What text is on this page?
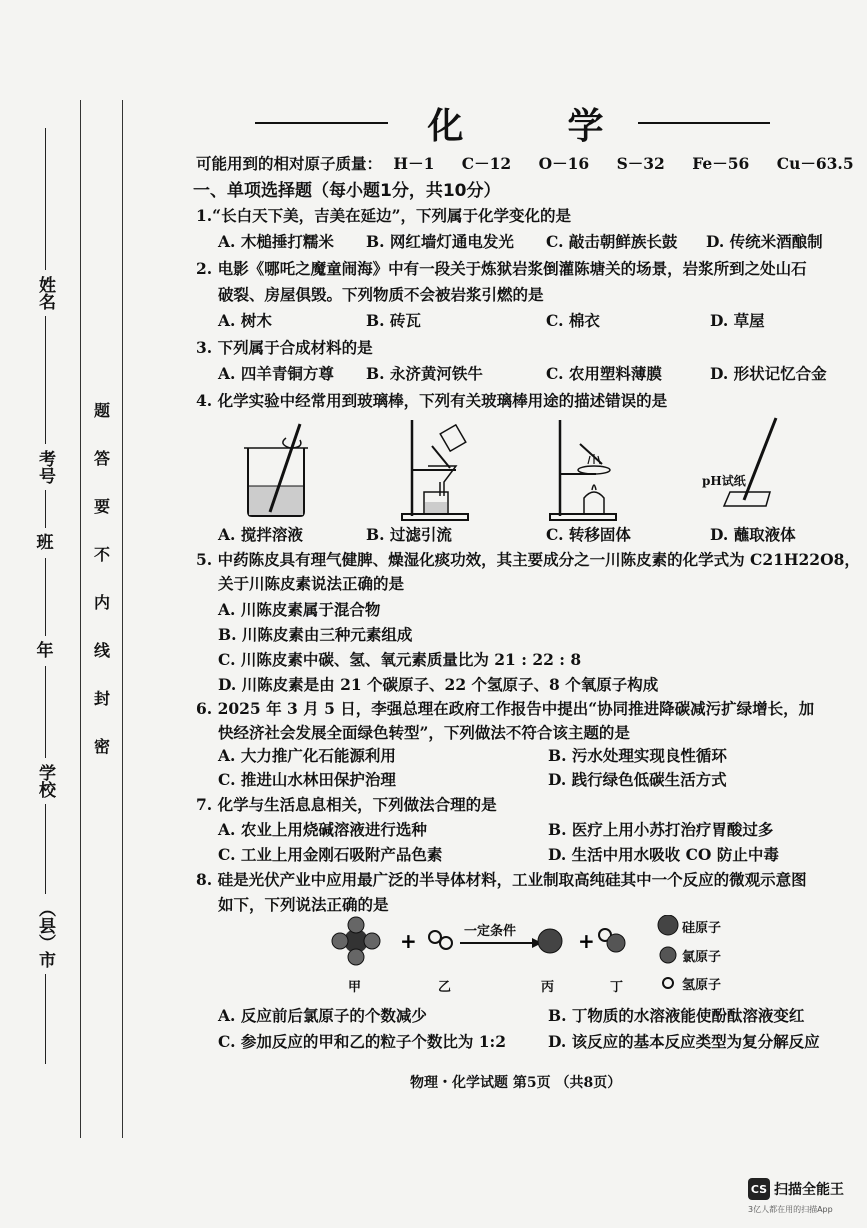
姓名
考号
班
年
学校
（县）市
题
答
要
不
内
线
封
密
化　学
可能用到的相对原子质量： H－1 C－12 O－16 S－32 Fe－56 Cu－63.5
一、单项选择题（每小题1分，共10分）
1.“长白天下美，吉美在延边”，下列属于化学变化的是
A. 木槌捶打糯米 B. 网红墙灯通电发光 C. 敲击朝鲜族长鼓 D. 传统米酒酿制
2. 电影《哪吒之魔童闹海》中有一段关于炼狱岩浆倒灌陈塘关的场景，岩浆所到之处山石
破裂、房屋俱毁。下列物质不会被岩浆引燃的是
A. 树木	B. 砖瓦	C. 棉衣	D. 草屋
3. 下列属于合成材料的是
A. 四羊青铜方尊 B. 永济黄河铁牛	C. 农用塑料薄膜	D. 形状记忆合金
4. 化学实验中经常用到玻璃棒，下列有关玻璃棒用途的描述错误的是
pH试纸
A. 搅拌溶液	B. 过滤引流	C. 转移固体	D. 蘸取液体
5. 中药陈皮具有理气健脾、燥湿化痰功效，其主要成分之一川陈皮素的化学式为 C21H22O8，
关于川陈皮素说法正确的是
A. 川陈皮素属于混合物
B. 川陈皮素由三种元素组成
C. 川陈皮素中碳、氢、氧元素质量比为 21 : 22 : 8
D. 川陈皮素是由 21 个碳原子、22 个氢原子、8 个氧原子构成
6. 2025 年 3 月 5 日，李强总理在政府工作报告中提出“协同推进降碳减污扩绿增长，加
快经济社会发展全面绿色转型”，下列做法不符合该主题的是
A. 大力推广化石能源利用	B. 污水处理实现良性循环
C. 推进山水林田保护治理	D. 践行绿色低碳生活方式
7. 化学与生活息息相关，下列做法合理的是
A. 农业上用烧碱溶液进行选种	B. 医疗上用小苏打治疗胃酸过多
C. 工业上用金刚石吸附产品色素	D. 生活中用水吸收 CO 防止中毒
8. 硅是光伏产业中应用最广泛的半导体材料，工业制取高纯硅其中一个反应的微观示意图
如下，下列说法正确的是
+	+
一定条件	硅原子
氯原子
氢原子
甲	乙	丙	丁
A. 反应前后氯原子的个数减少	B. 丁物质的水溶液能使酚酞溶液变红
C. 参加反应的甲和乙的粒子个数比为 1:2	D. 该反应的基本反应类型为复分解反应
物理・化学试题 第5页 （共8页）
CS 扫描全能王
3亿人都在用的扫描App
